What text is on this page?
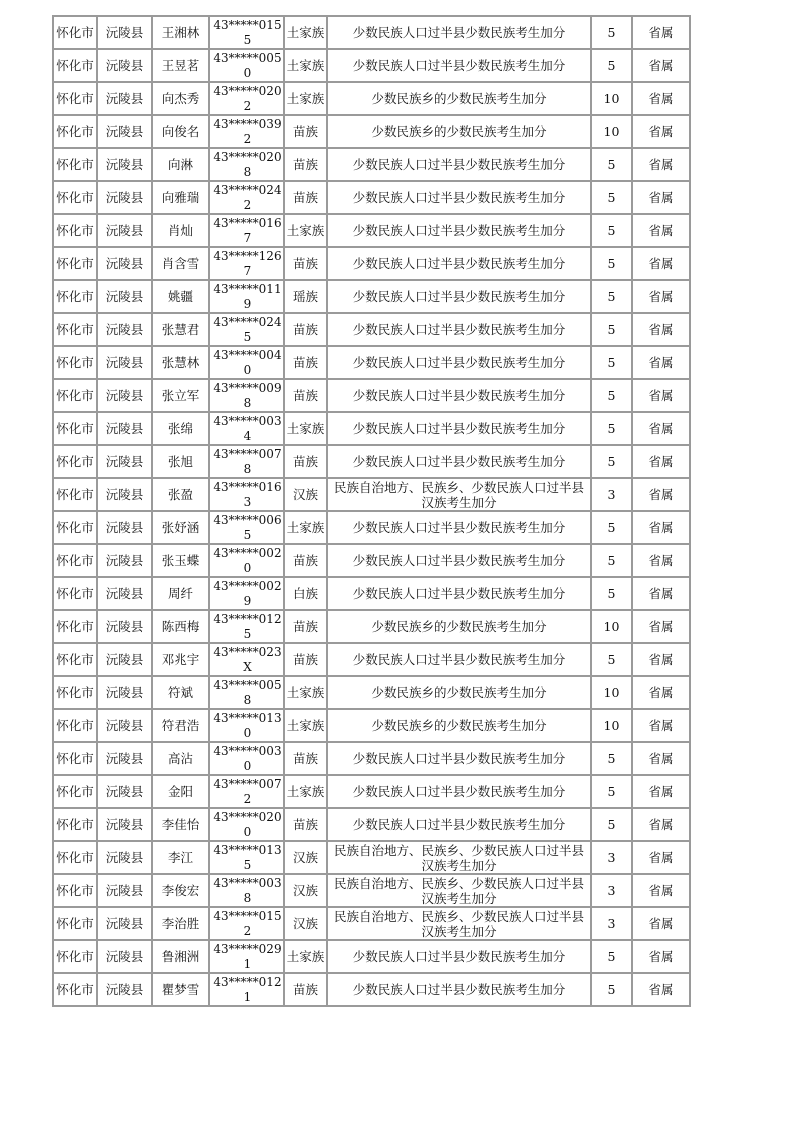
怀化市	沅陵县	王湘林	43*****0155	土家族	少数民族人口过半县少数民族考生加分	5	省属
怀化市	沅陵县	王昱茗	43*****0050	土家族	少数民族人口过半县少数民族考生加分	5	省属
怀化市	沅陵县	向杰秀	43*****0202	土家族	少数民族乡的少数民族考生加分	10	省属
怀化市	沅陵县	向俊名	43*****0392	苗族	少数民族乡的少数民族考生加分	10	省属
怀化市	沅陵县	向淋	43*****0208	苗族	少数民族人口过半县少数民族考生加分	5	省属
怀化市	沅陵县	向雅瑞	43*****0242	苗族	少数民族人口过半县少数民族考生加分	5	省属
怀化市	沅陵县	肖灿	43*****0167	土家族	少数民族人口过半县少数民族考生加分	5	省属
怀化市	沅陵县	肖含雪	43*****1267	苗族	少数民族人口过半县少数民族考生加分	5	省属
怀化市	沅陵县	姚疆	43*****0119	瑶族	少数民族人口过半县少数民族考生加分	5	省属
怀化市	沅陵县	张慧君	43*****0245	苗族	少数民族人口过半县少数民族考生加分	5	省属
怀化市	沅陵县	张慧林	43*****0040	苗族	少数民族人口过半县少数民族考生加分	5	省属
怀化市	沅陵县	张立军	43*****0098	苗族	少数民族人口过半县少数民族考生加分	5	省属
怀化市	沅陵县	张绵	43*****0034	土家族	少数民族人口过半县少数民族考生加分	5	省属
怀化市	沅陵县	张旭	43*****0078	苗族	少数民族人口过半县少数民族考生加分	5	省属
怀化市	沅陵县	张盈	43*****0163	汉族	民族自治地方、民族乡、少数民族人口过半县汉族考生加分	3	省属
怀化市	沅陵县	张妤涵	43*****0065	土家族	少数民族人口过半县少数民族考生加分	5	省属
怀化市	沅陵县	张玉蝶	43*****0020	苗族	少数民族人口过半县少数民族考生加分	5	省属
怀化市	沅陵县	周纤	43*****0029	白族	少数民族人口过半县少数民族考生加分	5	省属
怀化市	沅陵县	陈西梅	43*****0125	苗族	少数民族乡的少数民族考生加分	10	省属
怀化市	沅陵县	邓兆宇	43*****023X	苗族	少数民族人口过半县少数民族考生加分	5	省属
怀化市	沅陵县	符斌	43*****0058	土家族	少数民族乡的少数民族考生加分	10	省属
怀化市	沅陵县	符君浩	43*****0130	土家族	少数民族乡的少数民族考生加分	10	省属
怀化市	沅陵县	高沾	43*****0030	苗族	少数民族人口过半县少数民族考生加分	5	省属
怀化市	沅陵县	金阳	43*****0072	土家族	少数民族人口过半县少数民族考生加分	5	省属
怀化市	沅陵县	李佳怡	43*****0200	苗族	少数民族人口过半县少数民族考生加分	5	省属
怀化市	沅陵县	李江	43*****0135	汉族	民族自治地方、民族乡、少数民族人口过半县汉族考生加分	3	省属
怀化市	沅陵县	李俊宏	43*****0038	汉族	民族自治地方、民族乡、少数民族人口过半县汉族考生加分	3	省属
怀化市	沅陵县	李治胜	43*****0152	汉族	民族自治地方、民族乡、少数民族人口过半县汉族考生加分	3	省属
怀化市	沅陵县	鲁湘洲	43*****0291	土家族	少数民族人口过半县少数民族考生加分	5	省属
怀化市	沅陵县	瞿梦雪	43*****0121	苗族	少数民族人口过半县少数民族考生加分	5	省属
